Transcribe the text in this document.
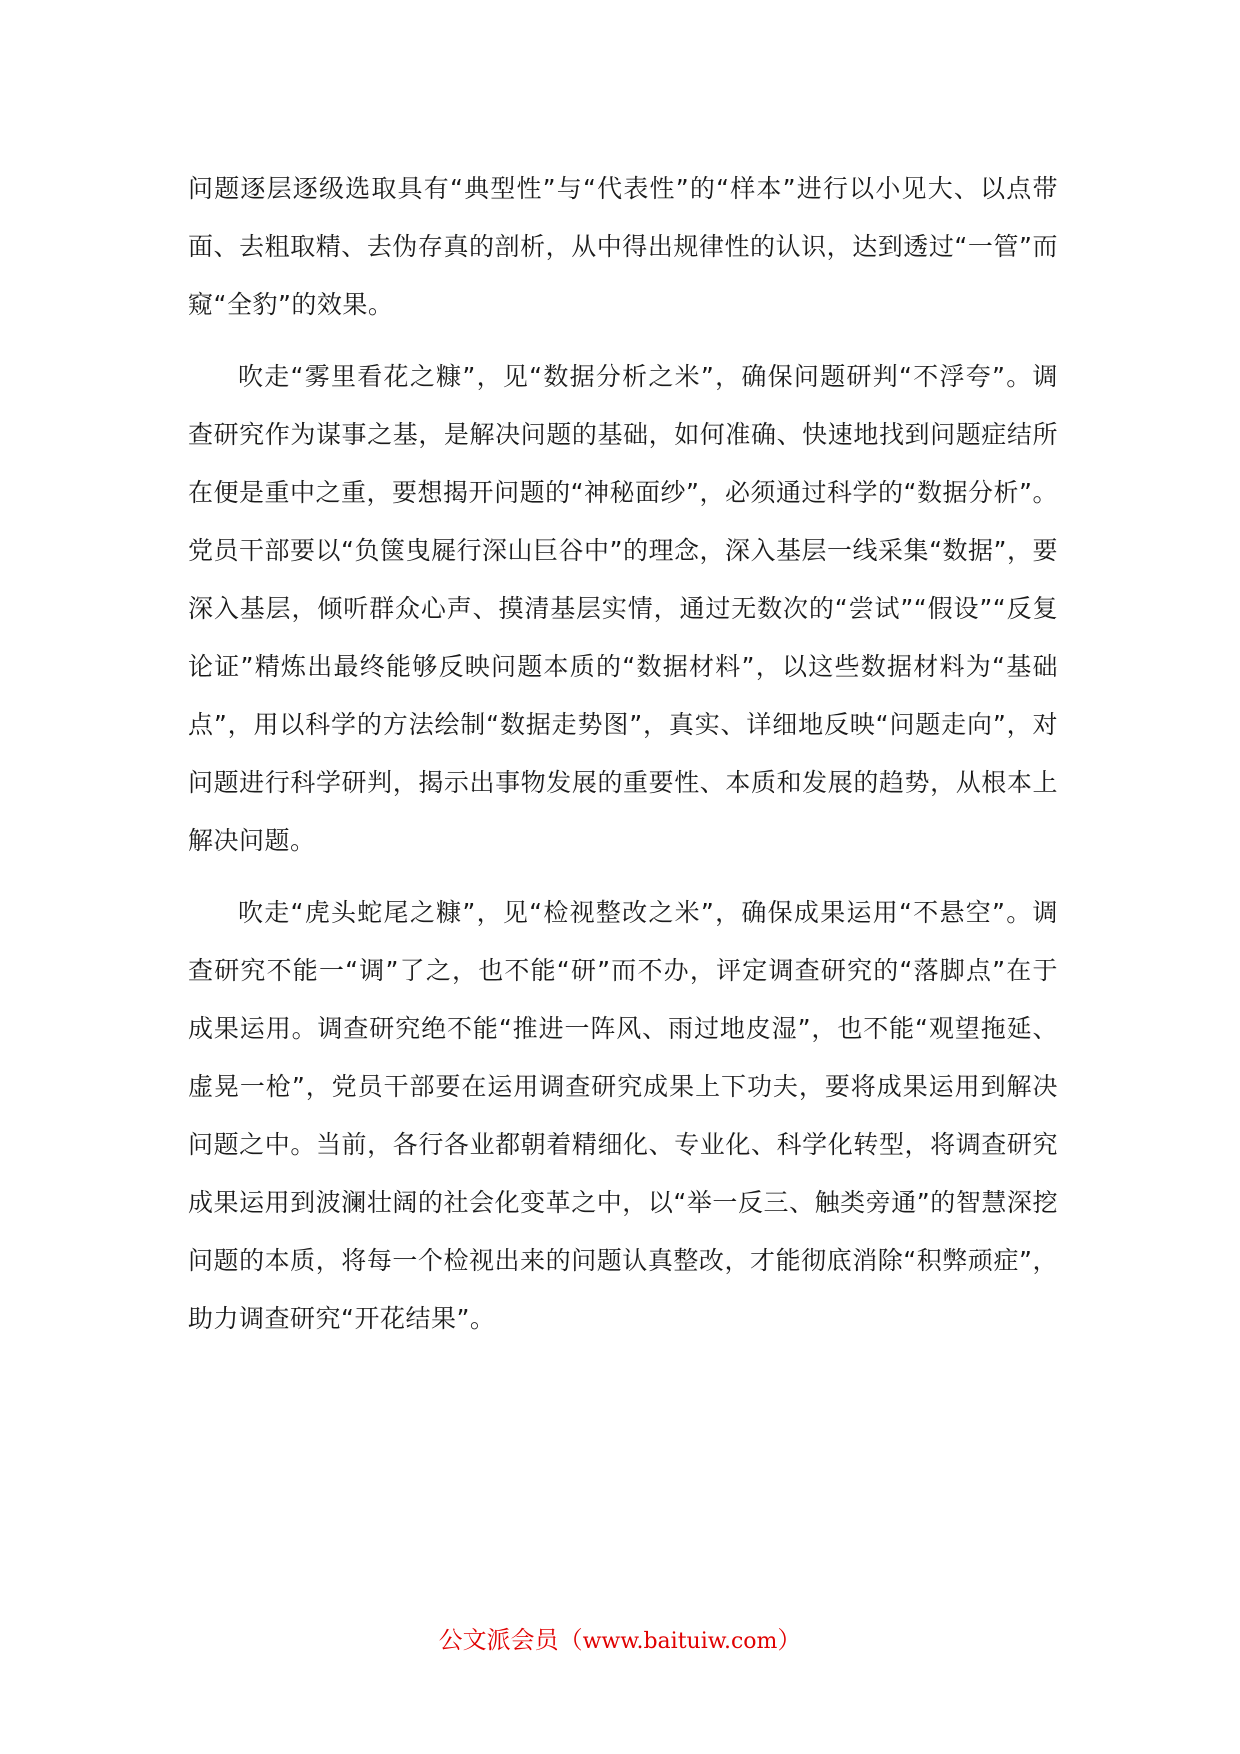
问题逐层逐级选取具有“典型性”与“代表性”的“样本”进行以小见大、以点带面、去粗取精、去伪存真的剖析，从中得出规律性的认识，达到透过“一管”而窥“全豹”的效果。

吹走“雾里看花之糠”，见“数据分析之米”，确保问题研判“不浮夸”。调查研究作为谋事之基，是解决问题的基础，如何准确、快速地找到问题症结所在便是重中之重，要想揭开问题的“神秘面纱”，必须通过科学的“数据分析”。党员干部要以“负箧曳屣行深山巨谷中”的理念，深入基层一线采集“数据”，要深入基层，倾听群众心声、摸清基层实情，通过无数次的“尝试”“假设”“反复论证”精炼出最终能够反映问题本质的“数据材料”，以这些数据材料为“基础点”，用以科学的方法绘制“数据走势图”，真实、详细地反映“问题走向”，对问题进行科学研判，揭示出事物发展的重要性、本质和发展的趋势，从根本上解决问题。

吹走“虎头蛇尾之糠”，见“检视整改之米”，确保成果运用“不悬空”。调查研究不能一“调”了之，也不能“研”而不办，评定调查研究的“落脚点”在于成果运用。调查研究绝不能“推进一阵风、雨过地皮湿”，也不能“观望拖延、虚晃一枪”，党员干部要在运用调查研究成果上下功夫，要将成果运用到解决问题之中。当前，各行各业都朝着精细化、专业化、科学化转型，将调查研究成果运用到波澜壮阔的社会化变革之中，以“举一反三、触类旁通”的智慧深挖问题的本质，将每一个检视出来的问题认真整改，才能彻底消除“积弊顽症”，助力调查研究“开花结果”。

公文派会员（www.baituiw.com）
